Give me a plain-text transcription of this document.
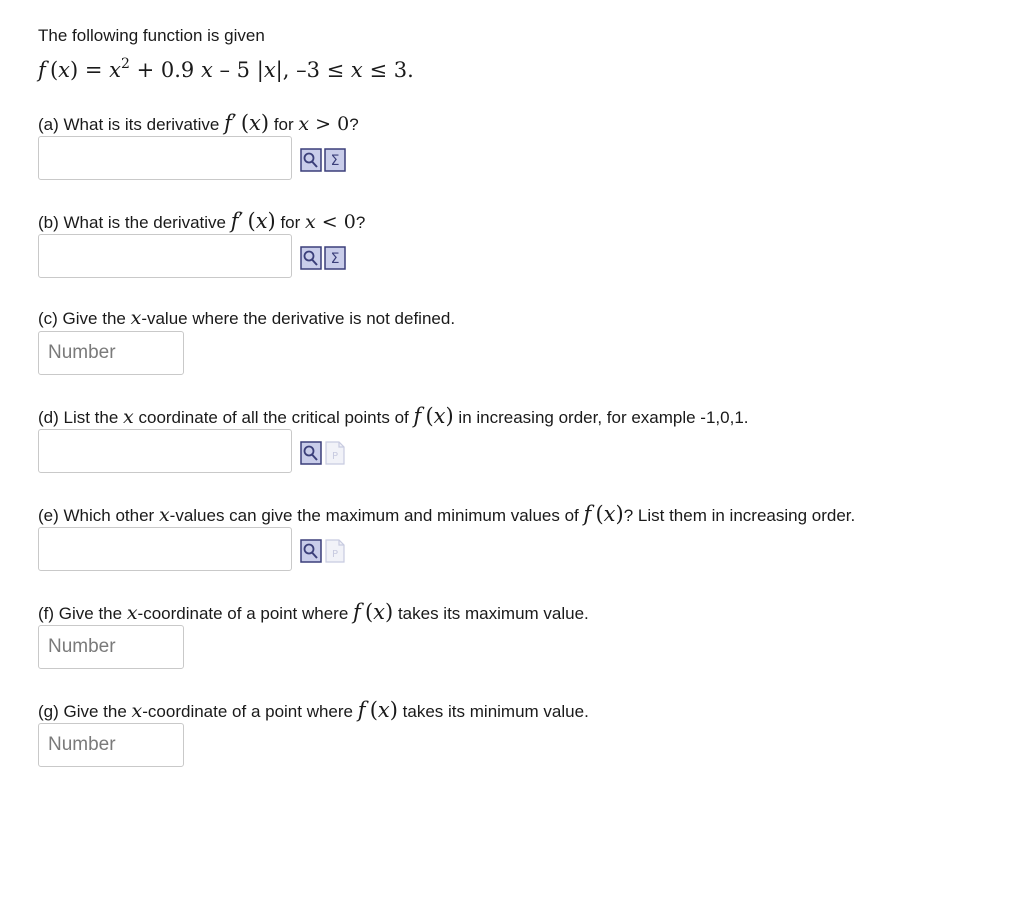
The following function is given
f $(x) = x^2 + 0.9$ x – 5 |x|, –3 ≤ x ≤ 3.
(a) What is its derivative f′ (x) for x > 0?
Σ
(b) What is the derivative f′ (x) for x < 0?
Σ
(c) Give the x-value where the derivative is not defined.
Number
(d) List the x coordinate of all the critical points of f (x) in increasing order, for example -1,0,1.
P
(e) Which other x-values can give the maximum and minimum values of f (x)? List them in increasing order.
P
(f) Give the x-coordinate of a point where f (x) takes its maximum value.
Number
(g) Give the x-coordinate of a point where f (x) takes its minimum value.
Number
